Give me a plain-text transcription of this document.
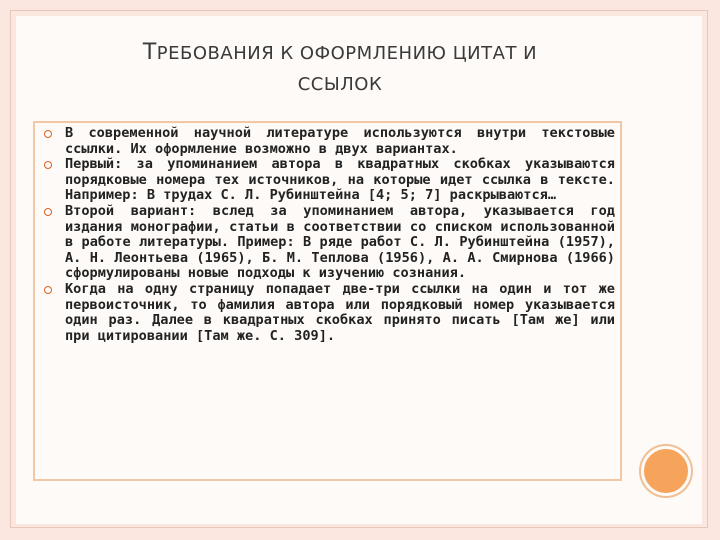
ТРЕБОВАНИЯ К ОФОРМЛЕНИЮ ЦИТАТ И
ССЫЛОК
В современной научной литературе используются внутри текстовые ссылки. Их оформление возможно в двух вариантах.
Первый: за упоминанием автора в квадратных скобках указываются порядковые номера тех источников, на которые идет ссылка в тексте. Например: В трудах С. Л. Рубинштейна [4; 5; 7] раскрываются…
Второй вариант: вслед за упоминанием автора, указывается год издания монографии, статьи в соответствии со списком использованной в работе литературы. Пример: В ряде работ С. Л. Рубинштейна (1957), А. Н. Леонтьева (1965), Б. М. Теплова (1956), А. А. Смирнова (1966) сформулированы новые подходы к изучению сознания.
Когда на одну страницу попадает две-три ссылки на один и тот же первоисточник, то фамилия автора или порядковый номер указывается один раз. Далее в квадратных скобках принято писать [Там же] или при цитировании [Там же. С. 309].
